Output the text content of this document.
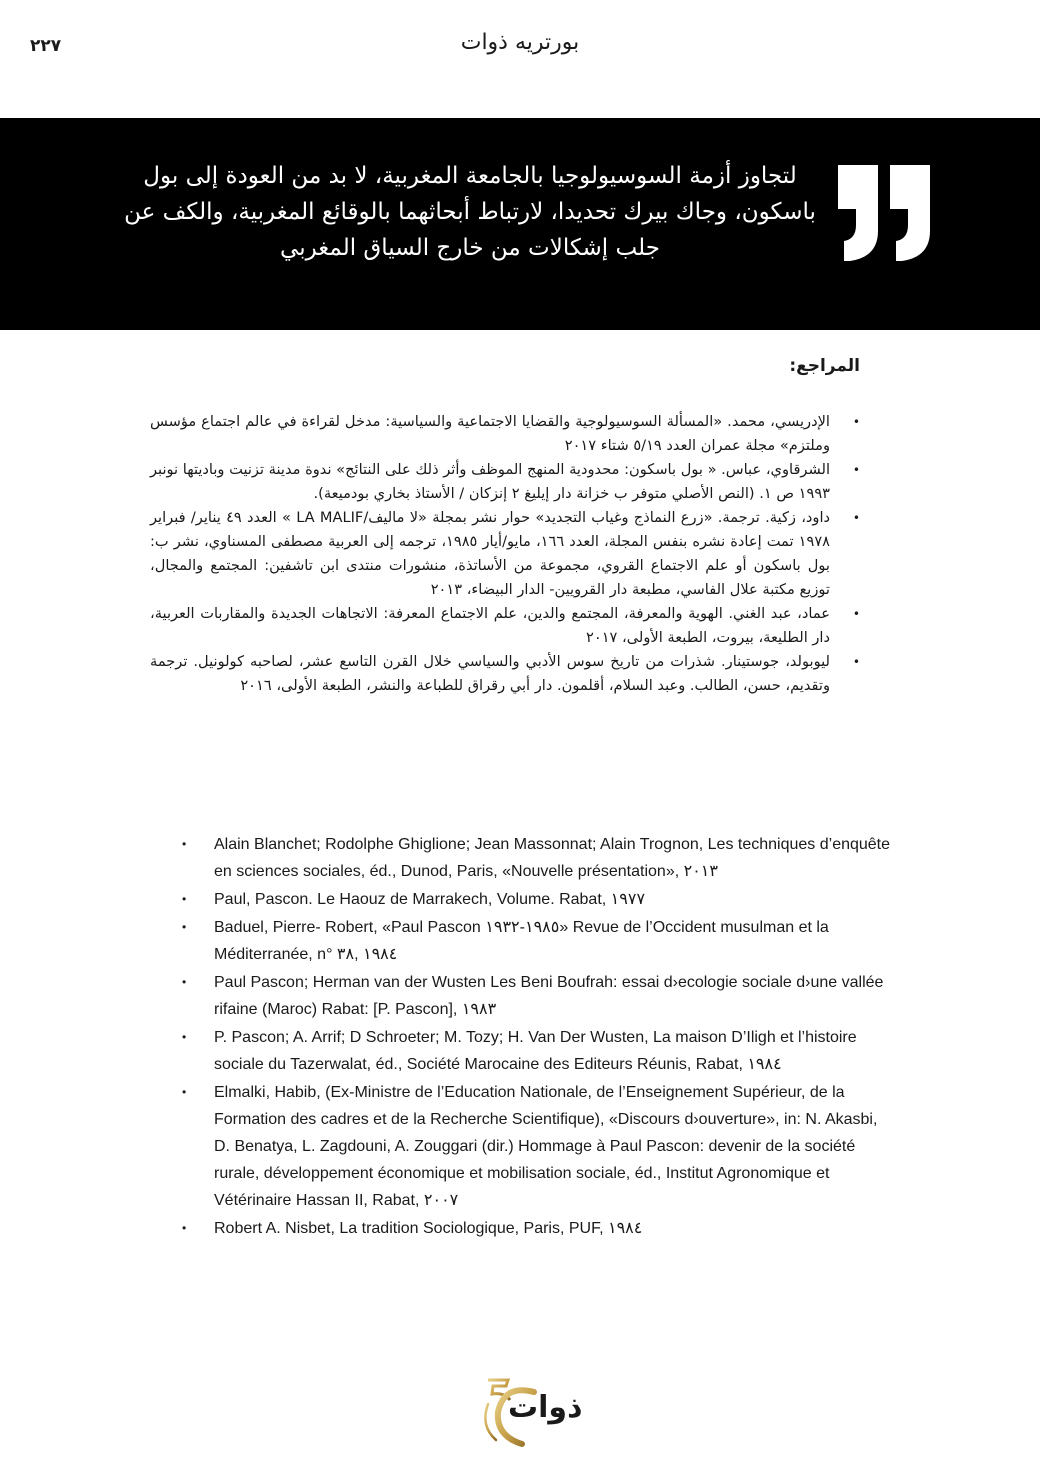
٢٢٧	بورتريه ذوات
لتجاوز أزمة السوسيولوجيا بالجامعة المغربية، لا بد من العودة إلى بول باسكون، وجاك بيرك تحديدا، لارتباط أبحاثهما بالوقائع المغربية، والكف عن جلب إشكالات من خارج السياق المغربي
المراجع:
• الإدريسي، محمد. «المسألة السوسيولوجية والقضايا الاجتماعية والسياسية: مدخل لقراءة في عالم اجتماع مؤسس وملتزم» مجلة عمران العدد ٥/١٩ شتاء ٢٠١٧
• الشرقاوي، عباس. « بول باسكون: محدودية المنهج الموظف وأثر ذلك على النتائج» ندوة مدينة تزنيت وباديتها نونبر ١٩٩٣ ص ١. (النص الأصلي متوفر ب خزانة دار إيليغ ٢ إنزكان / الأستاذ بخاري بودميعة).
• داود، زكية. ترجمة. «زرع النماذج وغياب التجديد» حوار نشر بمجلة «لا ماليف/LA MALIF » العدد ٤٩ يناير/ فبراير ١٩٧٨ تمت إعادة نشره بنفس المجلة، العدد ١٦٦، مايو/أيار ١٩٨٥، ترجمه إلى العربية مصطفى المسناوي، نشر ب: بول باسكون أو علم الاجتماع القروي، مجموعة من الأساتذة، منشورات منتدى ابن تاشفين: المجتمع والمجال، توزيع مكتبة علال الفاسي، مطبعة دار القرويين- الدار البيضاء، ٢٠١٣
• عماد، عبد الغني. الهوية والمعرفة، المجتمع والدين، علم الاجتماع المعرفة: الاتجاهات الجديدة والمقاربات العربية، دار الطليعة، بيروت، الطبعة الأولى، ٢٠١٧
• ليوبولد، جوستينار. شذرات من تاريخ سوس الأدبي والسياسي خلال القرن التاسع عشر، لصاحبه كولونيل. ترجمة وتقديم، حسن، الطالب. وعبد السلام، أقلمون. دار أبي رقراق للطباعة والنشر، الطبعة الأولى، ٢٠١٦
• Alain Blanchet; Rodolphe Ghiglione; Jean Massonnat; Alain Trognon, Les techniques d’enquête en sciences sociales, éd., Dunod, Paris, «Nouvelle présentation», ٢٠١٣
• Paul, Pascon. Le Haouz de Marrakech, Volume. Rabat, ١٩٧٧
• Baduel, Pierre- Robert, «Paul Pascon ١٩٨٥-١٩٣٢» Revue de l’Occident musulman et la Méditerranée, n° ١٩٨٤ ,٣٨
• Paul Pascon; Herman van der Wusten Les Beni Boufrah: essai d›ecologie sociale d›une vallée rifaine (Maroc) Rabat: [P. Pascon], ١٩٨٣
• P. Pascon; A. Arrif; D Schroeter; M. Tozy; H. Van Der Wusten, La maison D’Iligh et l’histoire sociale du Tazerwalat, éd., Société Marocaine des Editeurs Réunis, Rabat, ١٩٨٤
• Elmalki, Habib, (Ex-Ministre de l’Education Nationale, de l’Enseignement Supérieur, de la Formation des cadres et de la Recherche Scientifique), «Discours d›ouverture», in: N. Akasbi, D. Benatya, L. Zagdouni, A. Zouggari (dir.) Hommage à Paul Pascon: devenir de la société rurale, développement économique et mobilisation sociale, éd., Institut Agronomique et Vétérinaire Hassan II, Rabat, ٢٠٠٧
• Robert A. Nisbet, La tradition Sociologique, Paris, PUF, ١٩٨٤
ذوات
